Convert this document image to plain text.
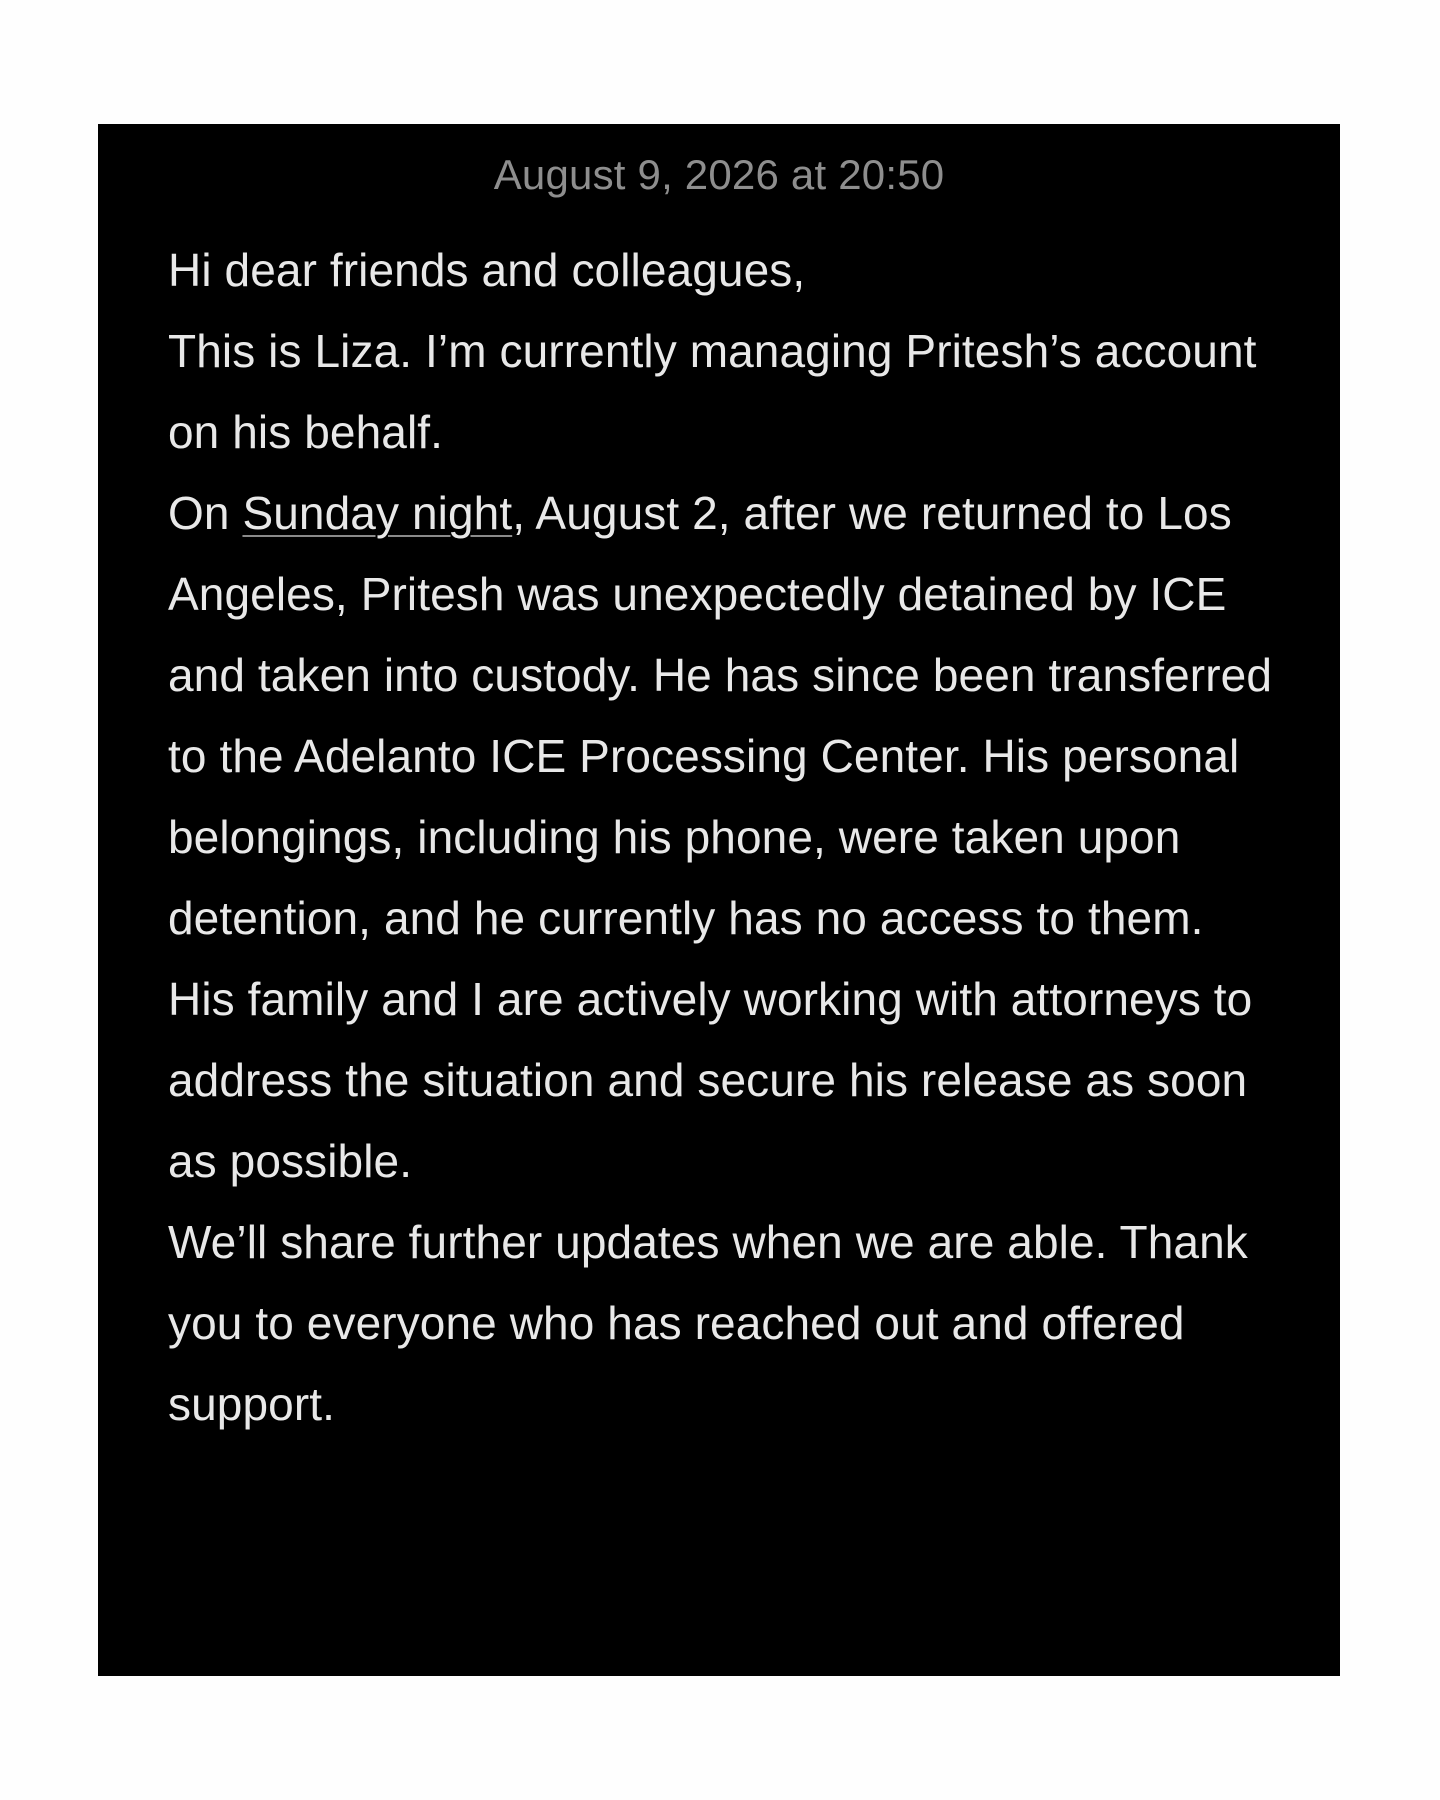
August 9, 2026 at 20:50

Hi dear friends and colleagues,

This is Liza. I’m currently managing Pritesh’s account on his behalf.

On Sunday night, August 2, after we returned to Los Angeles, Pritesh was unexpectedly detained by ICE and taken into custody. He has since been transferred to the Adelanto ICE Processing Center. His personal belongings, including his phone, were taken upon detention, and he currently has no access to them.

His family and I are actively working with attorneys to address the situation and secure his release as soon as possible.

We’ll share further updates when we are able. Thank you to everyone who has reached out and offered support.
